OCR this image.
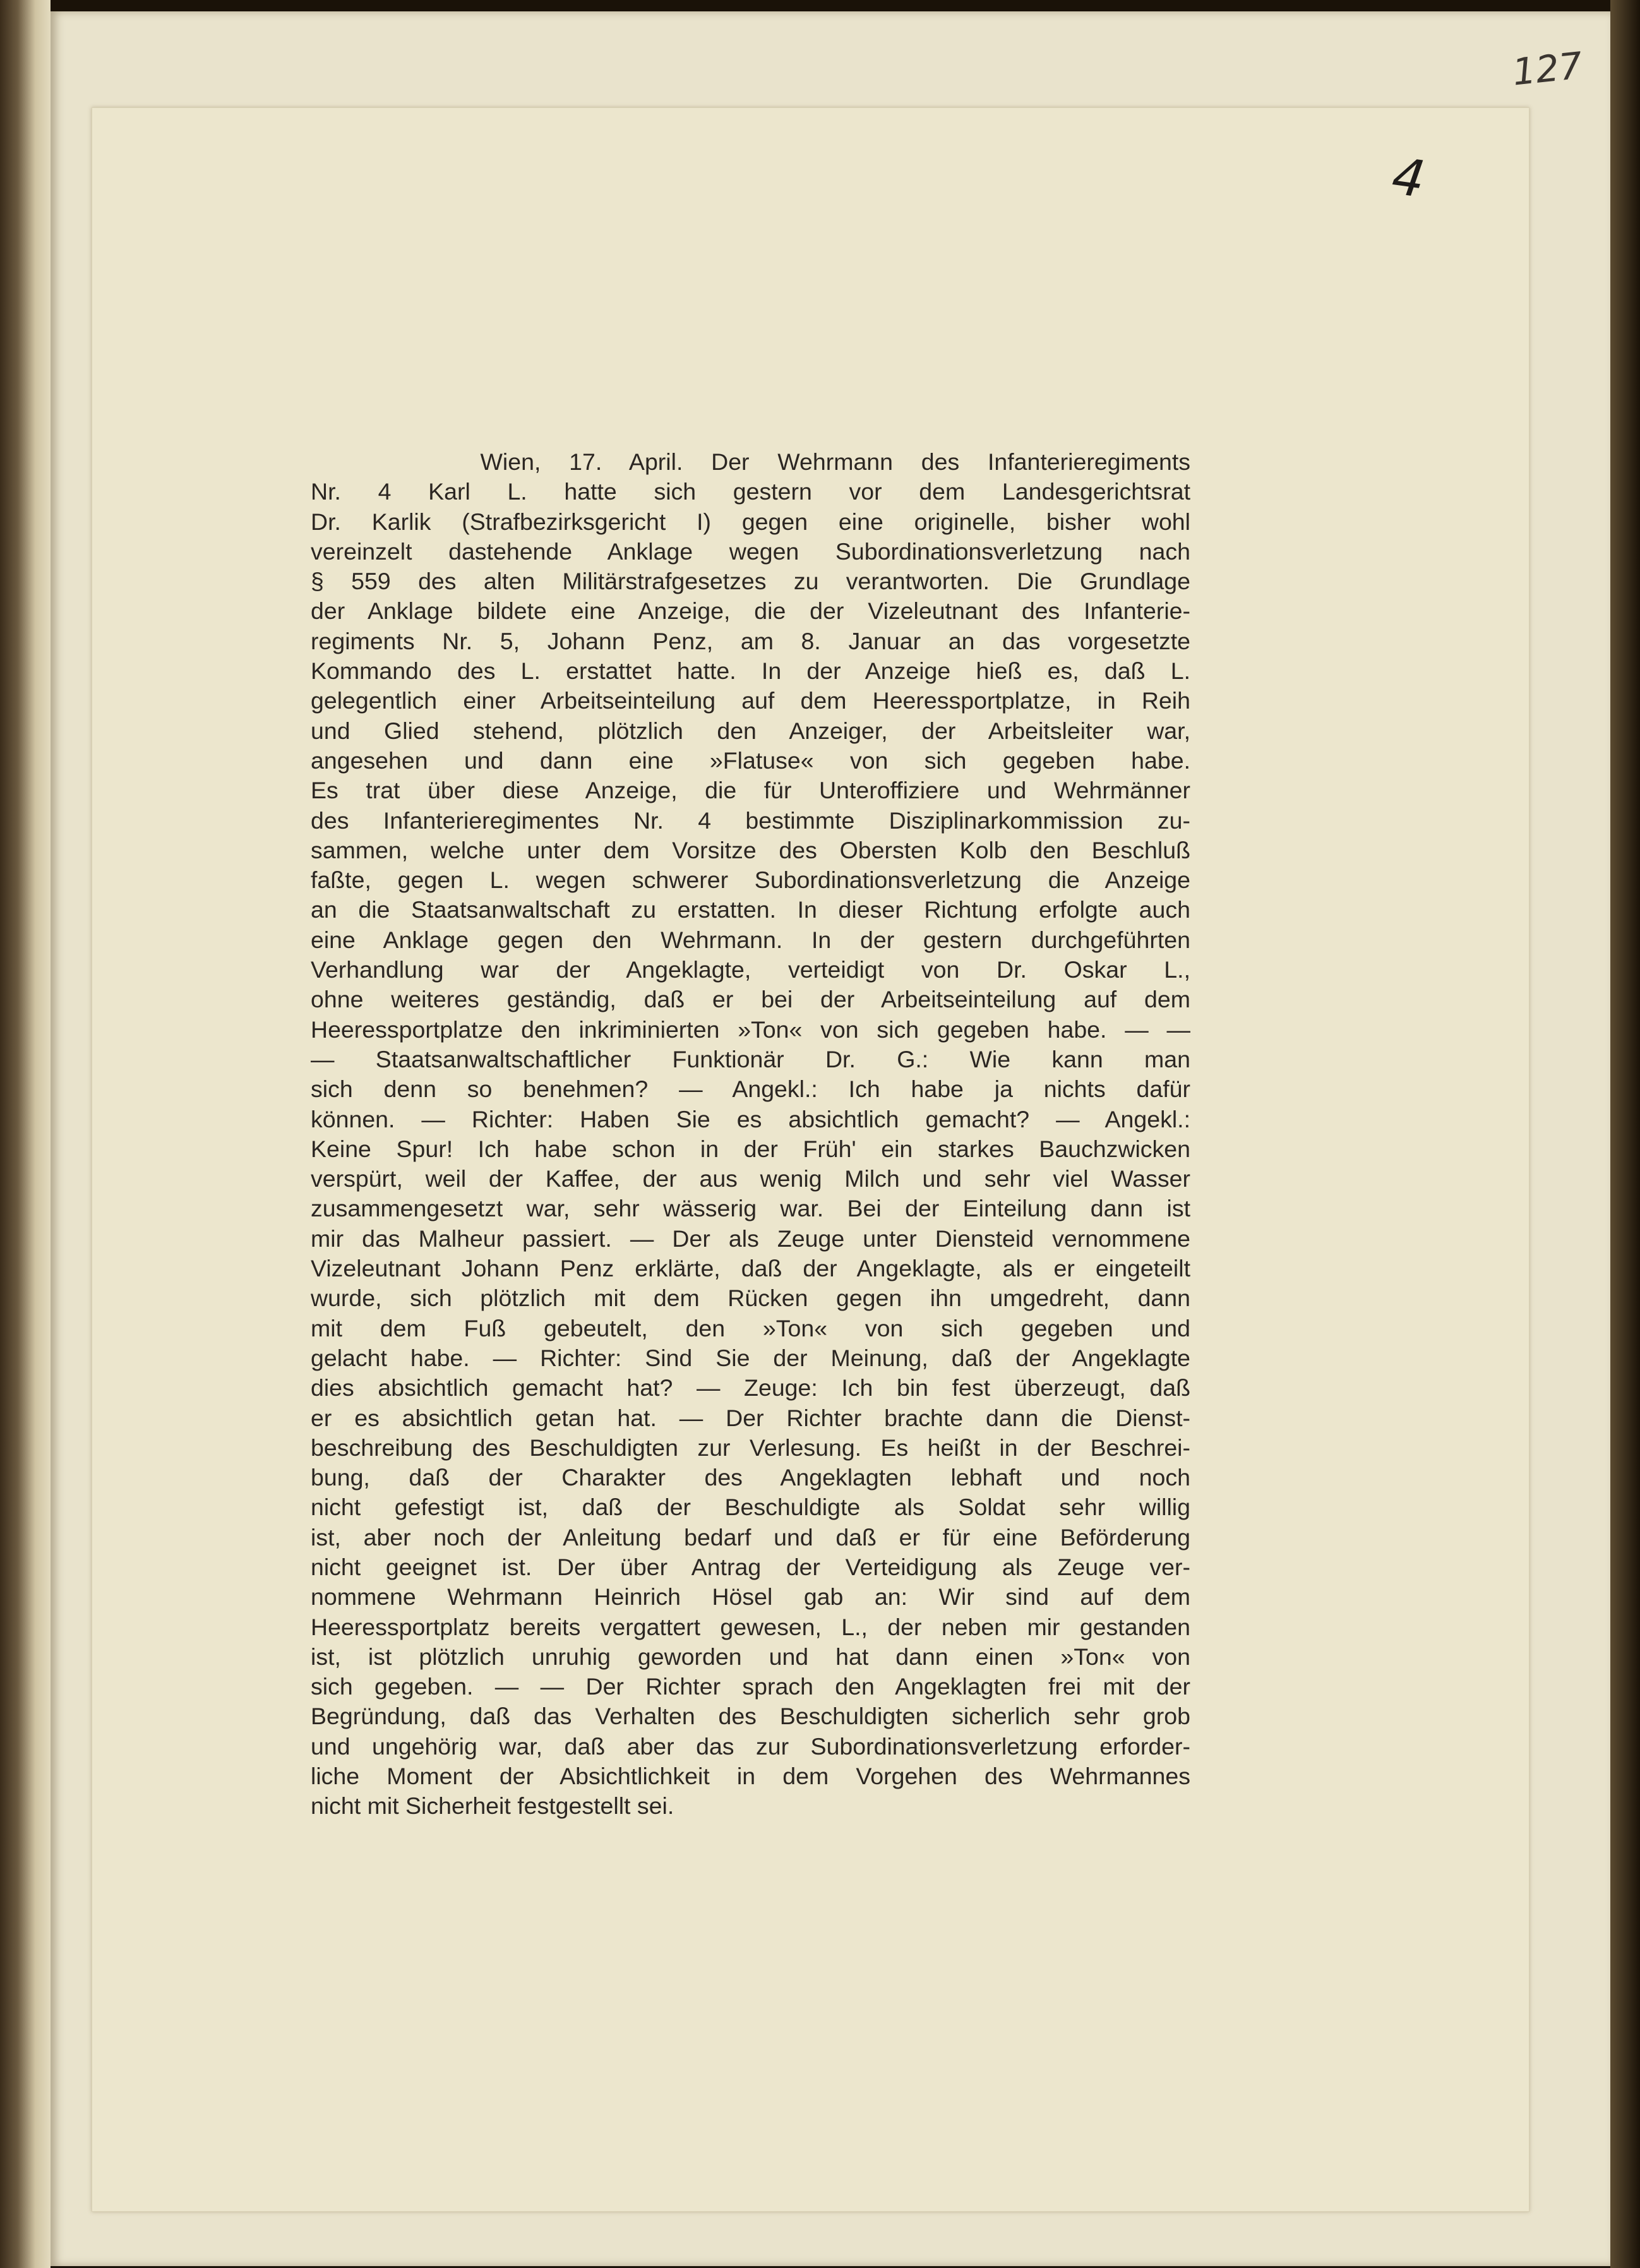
127
4
Wien, 17. April. Der Wehrmann des Infanterieregiments
Nr. 4 Karl L. hatte sich gestern vor dem Landesgerichtsrat
Dr. Karlik (Strafbezirksgericht I) gegen eine originelle, bisher wohl
vereinzelt dastehende Anklage wegen Subordinationsverletzung nach
§ 559 des alten Militärstrafgesetzes zu verantworten. Die Grundlage
der Anklage bildete eine Anzeige, die der Vizeleutnant des Infanterie-
regiments Nr. 5, Johann Penz, am 8. Januar an das vorgesetzte
Kommando des L. erstattet hatte. In der Anzeige hieß es, daß L.
gelegentlich einer Arbeitseinteilung auf dem Heeressportplatze, in Reih
und Glied stehend, plötzlich den Anzeiger, der Arbeitsleiter war,
angesehen und dann eine »Flatuse« von sich gegeben habe.
Es trat über diese Anzeige, die für Unteroffiziere und Wehrmänner
des Infanterieregimentes Nr. 4 bestimmte Disziplinarkommission zu-
sammen, welche unter dem Vorsitze des Obersten Kolb den Beschluß
faßte, gegen L. wegen schwerer Subordinationsverletzung die Anzeige
an die Staatsanwaltschaft zu erstatten. In dieser Richtung erfolgte auch
eine Anklage gegen den Wehrmann. In der gestern durchgeführten
Verhandlung war der Angeklagte, verteidigt von Dr. Oskar L.,
ohne weiteres geständig, daß er bei der Arbeitseinteilung auf dem
Heeressportplatze den inkriminierten »Ton« von sich gegeben habe. — —
— Staatsanwaltschaftlicher Funktionär Dr. G.: Wie kann man
sich denn so benehmen? — Angekl.: Ich habe ja nichts dafür
können. — Richter: Haben Sie es absichtlich gemacht? — Angekl.:
Keine Spur! Ich habe schon in der Früh' ein starkes Bauchzwicken
verspürt, weil der Kaffee, der aus wenig Milch und sehr viel Wasser
zusammengesetzt war, sehr wässerig war. Bei der Einteilung dann ist
mir das Malheur passiert. — Der als Zeuge unter Diensteid vernommene
Vizeleutnant Johann Penz erklärte, daß der Angeklagte, als er eingeteilt
wurde, sich plötzlich mit dem Rücken gegen ihn umgedreht, dann
mit dem Fuß gebeutelt, den »Ton« von sich gegeben und
gelacht habe. — Richter: Sind Sie der Meinung, daß der Angeklagte
dies absichtlich gemacht hat? — Zeuge: Ich bin fest überzeugt, daß
er es absichtlich getan hat. — Der Richter brachte dann die Dienst-
beschreibung des Beschuldigten zur Verlesung. Es heißt in der Beschrei-
bung, daß der Charakter des Angeklagten lebhaft und noch
nicht gefestigt ist, daß der Beschuldigte als Soldat sehr willig
ist, aber noch der Anleitung bedarf und daß er für eine Beförderung
nicht geeignet ist. Der über Antrag der Verteidigung als Zeuge ver-
nommene Wehrmann Heinrich Hösel gab an: Wir sind auf dem
Heeressportplatz bereits vergattert gewesen, L., der neben mir gestanden
ist, ist plötzlich unruhig geworden und hat dann einen »Ton« von
sich gegeben. — — Der Richter sprach den Angeklagten frei mit der
Begründung, daß das Verhalten des Beschuldigten sicherlich sehr grob
und ungehörig war, daß aber das zur Subordinationsverletzung erforder-
liche Moment der Absichtlichkeit in dem Vorgehen des Wehrmannes
nicht mit Sicherheit festgestellt sei.
